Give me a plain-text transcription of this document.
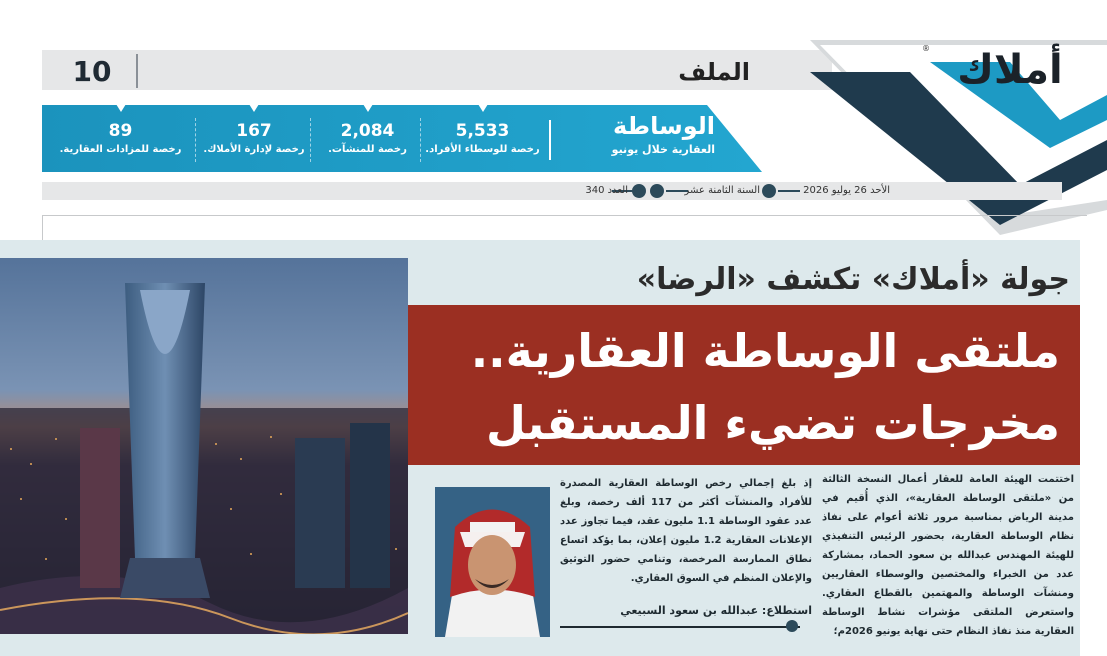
10	الملف	أملاك
®
الوساطة
العقارية خلال يونيو
5,533
رخصة للوسطاء الأفراد.
2,084
رخصة للمنشآت.
167
رخصة لإدارة الأملاك.
89
رخصة للمزادات العقارية.
الأحد 26 يوليو 2026
السنة الثامنة عشر
العدد 340
جولة «أملاك» تكشف «الرضا»
ملتقى الوساطة العقارية..
مخرجات تضيء المستقبل
اختتمت الهيئة العامة للعقار أعمال النسخة الثالثة من «ملتقى الوساطة العقارية»، الذي أُقيم في مدينة الرياض بمناسبة مرور ثلاثة أعوام على نفاذ نظام الوساطة العقارية، بحضور الرئيس التنفيذي للهيئة المهندس عبدالله بن سعود الحماد، بمشاركة عدد من الخبراء والمختصين والوسطاء العقاريين ومنشآت الوساطة والمهتمين بالقطاع العقاري. واستعرض الملتقى مؤشرات نشاط الوساطة العقارية منذ نفاذ النظام حتى نهاية يونيو 2026م؛
إذ بلغ إجمالي رخص الوساطة العقارية المصدرة للأفراد والمنشآت أكثر من 117 ألف رخصة، وبلغ عدد عقود الوساطة 1.1 مليون عقد، فيما تجاوز عدد الإعلانات العقارية 1.2 مليون إعلان، بما يؤكد اتساع نطاق الممارسة المرخصة، وتنامي حضور التوثيق والإعلان المنظم في السوق العقاري.
استطلاع: عبدالله بن سعود السبيعي
